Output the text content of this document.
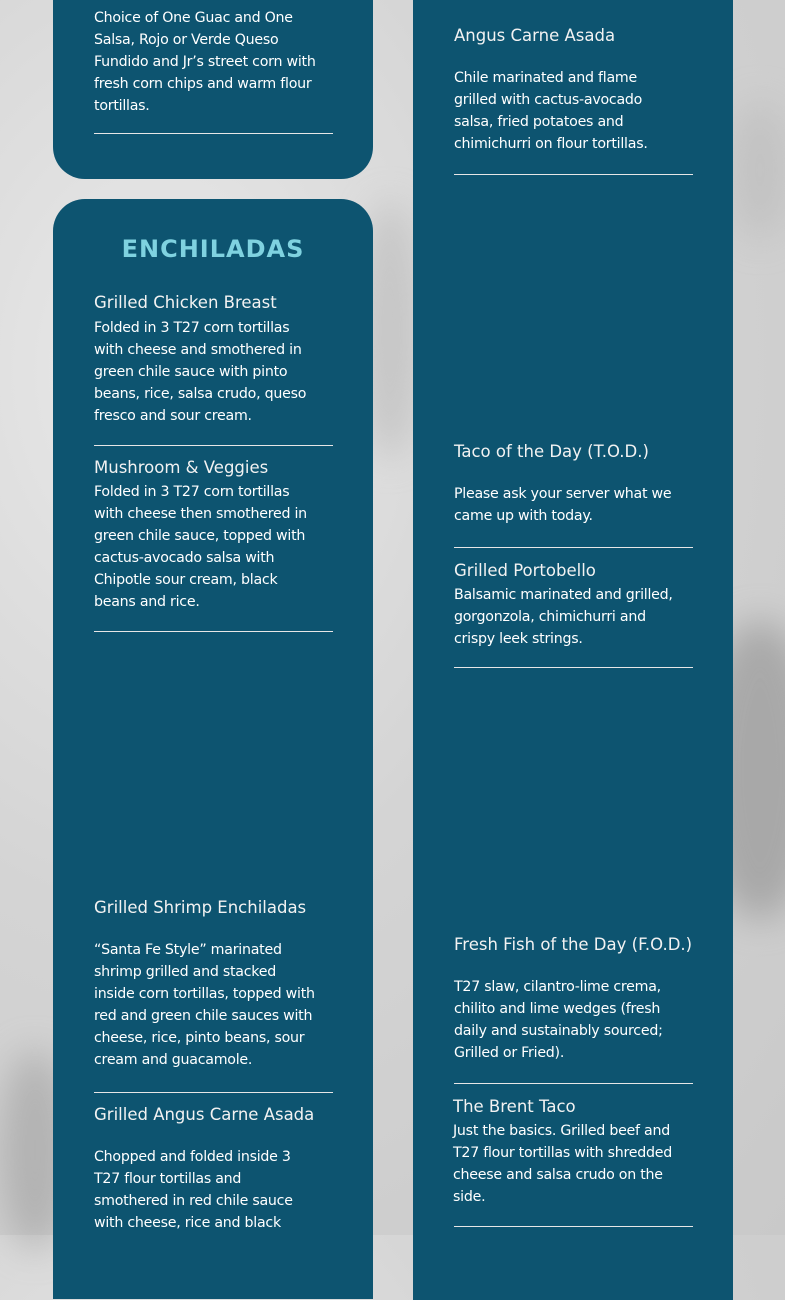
Choice of One Guac and One Salsa, Rojo or Verde Queso Fundido and Jr’s street corn with fresh corn chips and warm flour tortillas.

ENCHILADAS

Grilled Chicken Breast

Folded in 3 T27 corn tortillas with cheese and smothered in green chile sauce with pinto beans, rice, salsa crudo, queso fresco and sour cream.

Mushroom & Veggies

Folded in 3 T27 corn tortillas with cheese then smothered in green chile sauce, topped with cactus-avocado salsa with Chipotle sour cream, black beans and rice.

Grilled Shrimp Enchiladas

“Santa Fe Style” marinated shrimp grilled and stacked inside corn tortillas, topped with red and green chile sauces with cheese, rice, pinto beans, sour cream and guacamole.

Grilled Angus Carne Asada

Chopped and folded inside 3 T27 flour tortillas and smothered in red chile sauce with cheese, rice and black

Angus Carne Asada

Chile marinated and flame grilled with cactus-avocado salsa, fried potatoes and chimichurri on flour tortillas.

Taco of the Day (T.O.D.)

Please ask your server what we came up with today.

Grilled Portobello

Balsamic marinated and grilled, gorgonzola, chimichurri and crispy leek strings.

Fresh Fish of the Day (F.O.D.)

T27 slaw, cilantro-lime crema, chilito and lime wedges (fresh daily and sustainably sourced; Grilled or Fried).

The Brent Taco

Just the basics. Grilled beef and T27 flour tortillas with shredded cheese and salsa crudo on the side.
